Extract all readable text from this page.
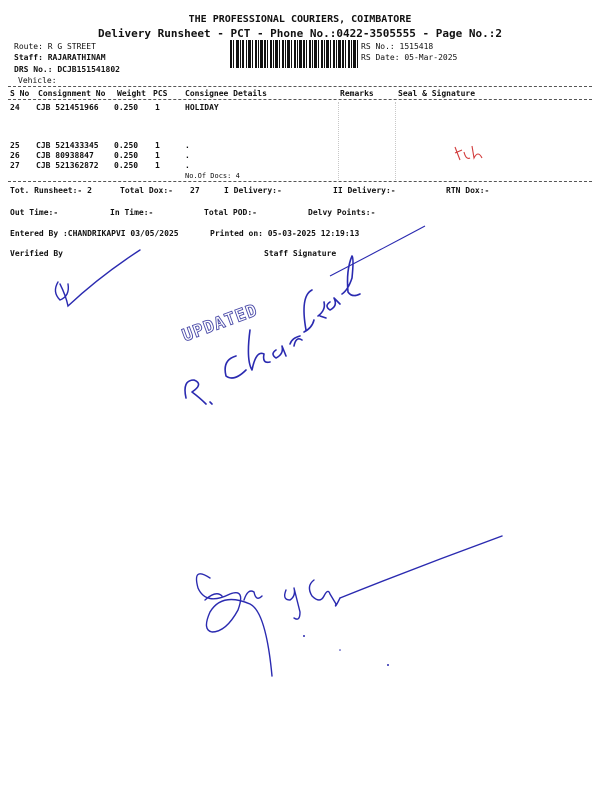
THE PROFESSIONAL COURIERS, COIMBATORE
Delivery Runsheet - PCT - Phone No.:0422-3505555 - Page No.:2
Route: R G STREET
Staff: RAJARATHINAM
DRS No.: DCJB151541802
Vehicle:
RS No.: 1515418
RS Date: 05-Mar-2025
S No Consignment No Weight PCS Consignee Details	Remarks	Seal & Signature
24 CJB 521451966 0.250 1	HOLIDAY
25 CJB 521433345 0.250 1	.
26 CJB 80938847	0.250 1	.
27 CJB 521362872 0.250 1	.
No.Of Docs: 4
Tot. Runsheet:- 2	Total Dox:- 27	I Delivery:-	II Delivery:-	RTN Dox:-
Out Time:-	In Time:-	Total POD:-	Delvy Points:-
Entered By :CHANDRIKAPVI 03/05/2025	Printed on: 05-03-2025 12:19:13
Verified By	Staff Signature
UPDATED
